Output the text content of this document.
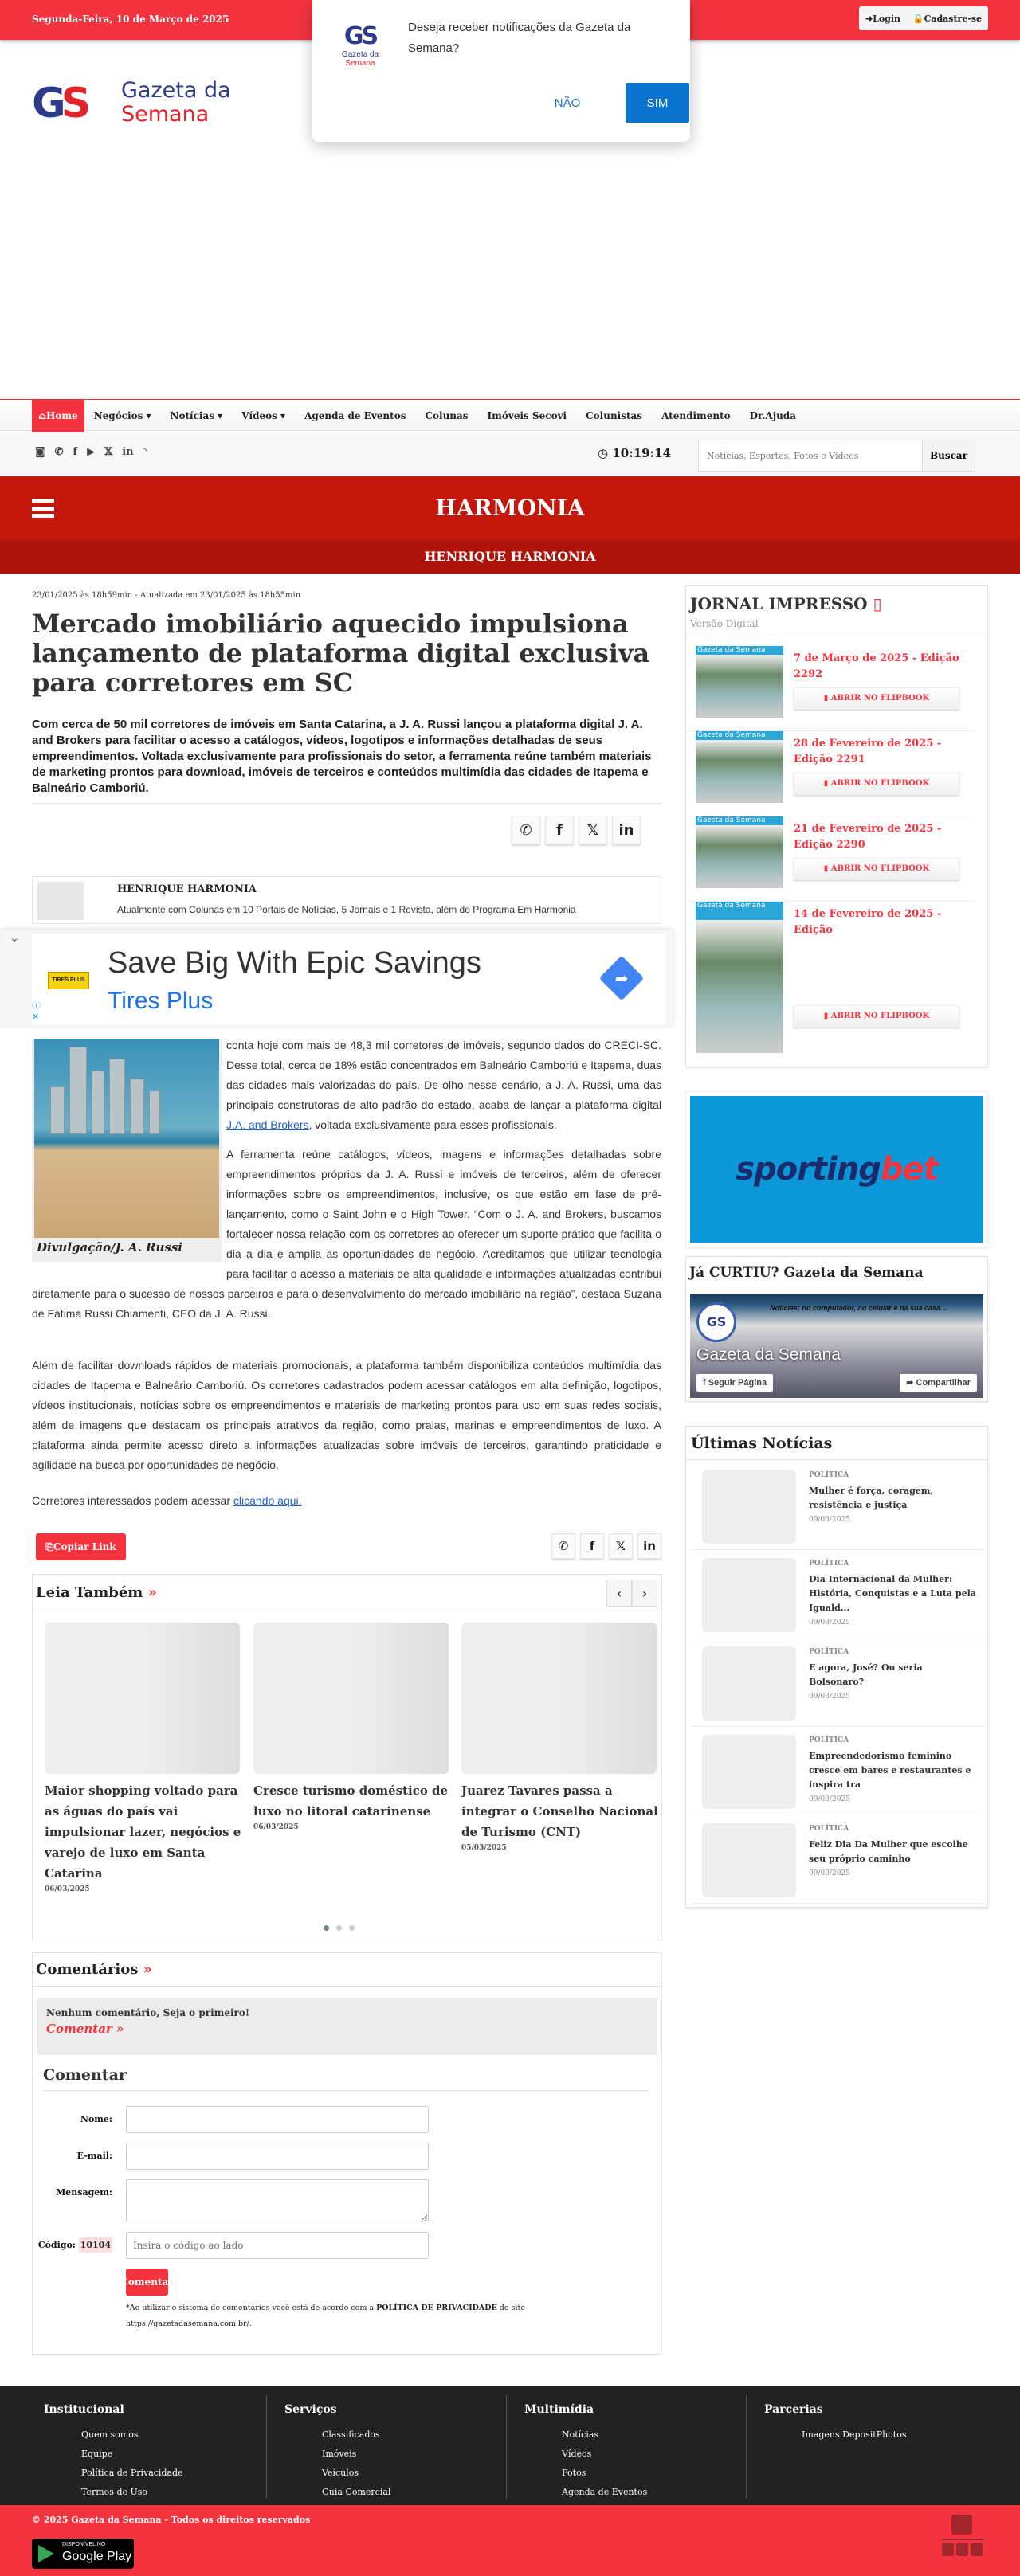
Segunda-Feira, 10 de Março de 2025	➜Login 🔒Cadastre-se
GS	Gazeta da
Semana
GS
Gazeta da
Semana
Deseja receber notificações da Gazeta da Semana?
NÃO	SIM
⌂Home	Negócios ▾	Notícias ▾	Vídeos ▾	Agenda de Eventos	Colunas	Imóveis Secovi	Colunistas	Atendimento	Dr.Ajuda
◙ ✆ f ▶ 𝕏 in ◝	◷ 10:19:14
Notícias, Esportes, Fotos e Vídeos	Buscar
HARMONIA
HENRIQUE HARMONIA
23/01/2025 às 18h59min - Atualizada em 23/01/2025 às 18h55min
Mercado imobiliário aquecido impulsiona lançamento de plataforma digital exclusiva para corretores em SC
Com cerca de 50 mil corretores de imóveis em Santa Catarina, a J. A. Russi lançou a plataforma digital J. A. and Brokers para facilitar o acesso a catálogos, vídeos, logotipos e informações detalhadas de seus empreendimentos. Voltada exclusivamente para profissionais do setor, a ferramenta reúne também materiais de marketing prontos para download, imóveis de terceiros e conteúdos multimídia das cidades de Itapema e Balneário Camboriú.
✆	f	𝕏	in
HENRIQUE HARMONIA
Atualmente com Colunas em 10 Portais de Notícias, 5 Jornais e 1 Revista, além do Programa Em Harmonia
TIRES PLUS
Save Big With Epic Savings
Tires Plus
ⓘ
✕
➦
⌄
Divulgação/J. A. Russi

conta hoje com mais de 48,3 mil corretores de imóveis, segundo dados do CRECI-SC. Desse total, cerca de 18% estão concentrados em Balneário Camboriú e Itapema, duas das cidades mais valorizadas do país. De olho nesse cenário, a J. A. Russi, uma das principais construtoras de alto padrão do estado, acaba de lançar a plataforma digital J.A. and Brokers, voltada exclusivamente para esses profissionais.

A ferramenta reúne catálogos, vídeos, imagens e informações detalhadas sobre empreendimentos próprios da J. A. Russi e imóveis de terceiros, além de oferecer informações sobre os empreendimentos, inclusive, os que estão em fase de pré-lançamento, como o Saint John e o High Tower. “Com o J. A. and Brokers, buscamos fortalecer nossa relação com os corretores ao oferecer um suporte prático que facilita o dia a dia e amplia as oportunidades de negócio. Acreditamos que utilizar tecnologia para facilitar o acesso a materiais de alta qualidade e informações atualizadas contribui diretamente para o sucesso de nossos parceiros e para o desenvolvimento do mercado imobiliário na região”, destaca Suzana de Fátima Russi Chiamenti, CEO da J. A. Russi.

Além de facilitar downloads rápidos de materiais promocionais, a plataforma também disponibiliza conteúdos multimídia das cidades de Itapema e Balneário Camboriú. Os corretores cadastrados podem acessar catálogos em alta definição, logotipos, vídeos institucionais, notícias sobre os empreendimentos e materiais de marketing prontos para uso em suas redes sociais, além de imagens que destacam os principais atrativos da região, como praias, marinas e empreendimentos de luxo. A plataforma ainda permite acesso direto a informações atualizadas sobre imóveis de terceiros, garantindo praticidade e agilidade na busca por oportunidades de negócio.

Corretores interessados podem acessar clicando aqui.

⎘ Copiar Link	✆	f	𝕏	in
Leia Também »	‹	›
Maior shopping voltado para as águas do país vai impulsionar lazer, negócios e varejo de luxo em Santa Catarina
06/03/2025
Cresce turismo doméstico de luxo no litoral catarinense
06/03/2025
Juarez Tavares passa a integrar o Conselho Nacional de Turismo (CNT)
05/03/2025
Comentários »
Nenhum comentário, Seja o primeiro!
Comentar »
Comentar
Nome:
E-mail:
Mensagem:
Código: 10104
Insira o código ao lado
Comentar
*Ao utilizar o sistema de comentários você está de acordo com a POLÍTICA DE PRIVACIDADE do site https://gazetadasemana.com.br/.
JORNAL IMPRESSO ▯
Versão Digital
Gazeta da Semana
7 de Março de 2025 - Edição 2292
▮ ABRIR NO FLIPBOOK
Gazeta da Semana
28 de Fevereiro de 2025 - Edição 2291
▮ ABRIR NO FLIPBOOK
Gazeta da Semana
21 de Fevereiro de 2025 - Edição 2290
▮ ABRIR NO FLIPBOOK
Gazeta da Semana
14 de Fevereiro de 2025 - Edição
▮ ABRIR NO FLIPBOOK
sportingbet
Já CURTIU? Gazeta da Semana
GS
Notícias; no computador, no celular e na sua casa...
Gazeta da Semana
f Seguir Página	➦ Compartilhar
Últimas Notícias
POLÍTICA
Mulher é força, coragem, resistência e justiça
09/03/2025
POLÍTICA
Dia Internacional da Mulher: História, Conquistas e a Luta pela Iguald...
09/03/2025
POLÍTICA
E agora, José? Ou seria Bolsonaro?
09/03/2025
POLÍTICA
Empreendedorismo feminino cresce em bares e restaurantes e inspira tra
09/03/2025
POLÍTICA
Feliz Dia Da Mulher que escolhe seu próprio caminho
09/03/2025
Institucional
Quem somos
Equipe
Política de Privacidade
Termos de Uso
Serviços
Classificados
Imóveis
Veículos
Guia Comercial
Multimídia
Notícias
Vídeos
Fotos
Agenda de Eventos
Parcerias
Imagens DepositPhotos
© 2025 Gazeta da Semana - Todos os direitos reservados
DISPONÍVEL NO
Google Play
